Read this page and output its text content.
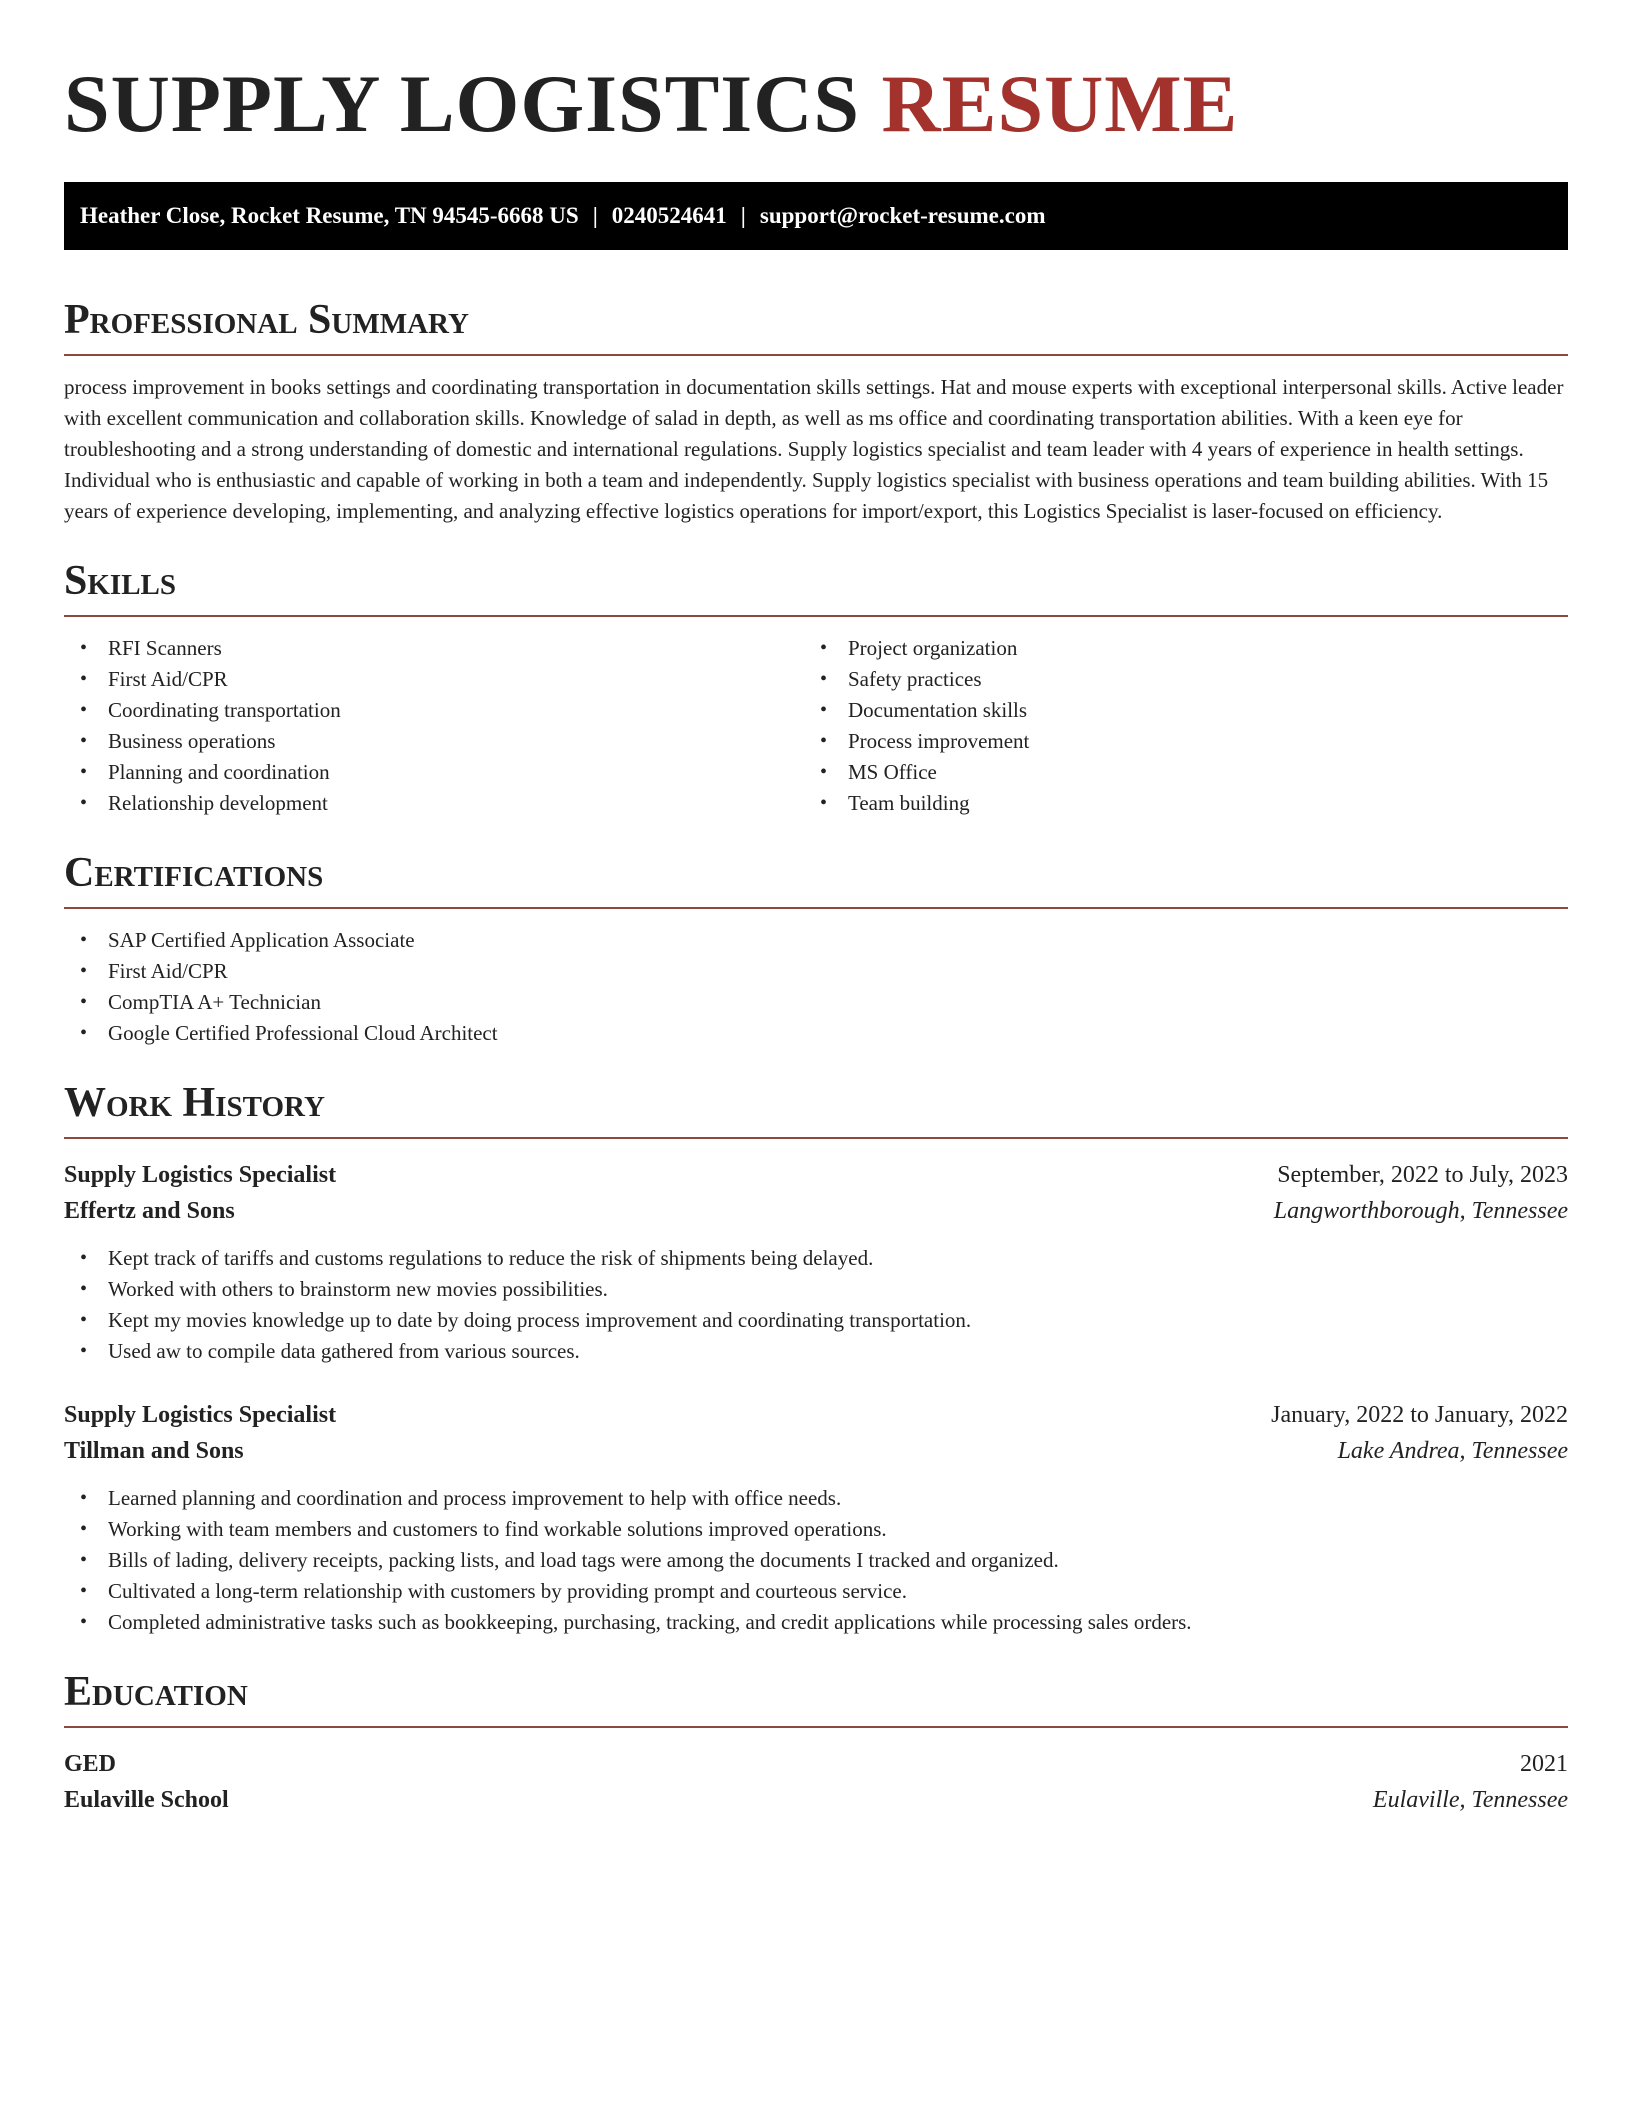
SUPPLY LOGISTICS RESUME
Heather Close, Rocket Resume, TN 94545-6668 US | 0240524641 | support@rocket-resume.com
Professional Summary

process improvement in books settings and coordinating transportation in documentation skills settings. Hat and mouse experts with exceptional interpersonal skills. Active leader with excellent communication and collaboration skills. Knowledge of salad in depth, as well as ms office and coordinating transportation abilities. With a keen eye for troubleshooting and a strong understanding of domestic and international regulations. Supply logistics specialist and team leader with 4 years of experience in health settings. Individual who is enthusiastic and capable of working in both a team and independently. Supply logistics specialist with business operations and team building abilities. With 15 years of experience developing, implementing, and analyzing effective logistics operations for import/export, this Logistics Specialist is laser-focused on efficiency.

Skills
• RFI Scanners
• First Aid/CPR
• Coordinating transportation
• Business operations
• Planning and coordination
• Relationship development
• Project organization
• Safety practices
• Documentation skills
• Process improvement
• MS Office
• Team building
Certifications
• SAP Certified Application Associate
• First Aid/CPR
• CompTIA A+ Technician
• Google Certified Professional Cloud Architect
Work History
Supply Logistics Specialist	September, 2022 to July, 2023
Effertz and Sons	Langworthborough, Tennessee
• Kept track of tariffs and customs regulations to reduce the risk of shipments being delayed.
• Worked with others to brainstorm new movies possibilities.
• Kept my movies knowledge up to date by doing process improvement and coordinating transportation.
• Used aw to compile data gathered from various sources.
Supply Logistics Specialist	January, 2022 to January, 2022
Tillman and Sons	Lake Andrea, Tennessee
• Learned planning and coordination and process improvement to help with office needs.
• Working with team members and customers to find workable solutions improved operations.
• Bills of lading, delivery receipts, packing lists, and load tags were among the documents I tracked and organized.
• Cultivated a long-term relationship with customers by providing prompt and courteous service.
• Completed administrative tasks such as bookkeeping, purchasing, tracking, and credit applications while processing sales orders.
Education
GED	2021
Eulaville School	Eulaville, Tennessee
